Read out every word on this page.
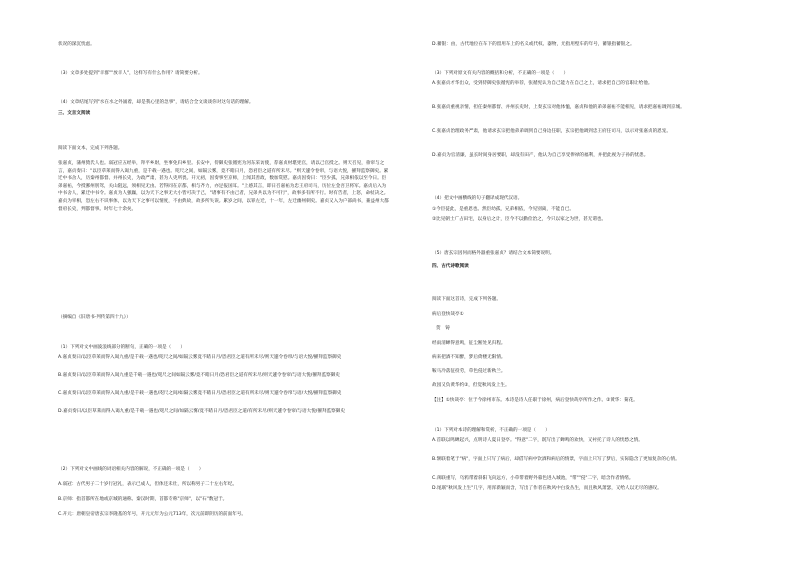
状况的深沉忧虑。

（3）文章多处提到"羊群""放羊人"，这样写有什么作用？请简要分析。

（4）文章结尾写到"水在水之外涌着，却是我心里的急事"，请结合全文谈谈你对这句话的理解。

三、文言文阅读

阅读下面文本，完成下列各题。

张嘉贞，蒲州猗氏人也。弱冠应五经举，拜平乡尉，坐事免归乡里。长安中，侍御史张循宪为河东采访使，荐嘉贞材堪宪官，请以己官授之。则天召见，垂帘与之言，嘉贞奏曰："以臣草莱而得入谒九重，是千载一遇也。咫尺之间，如隔云雾，竟不睹日月，恐君臣之道有所未尽。"则天遽令卷帘，与语大悦，擢拜监察御史。累迁中书舍人，历秦州都督、并州长史，为政严肃，甚为人吏所畏。开元初，因奏事至京师，上闻其善政，数加赏慰。嘉贞因奏曰："臣少孤，兄弟相依以至今日。臣弟嘉祐，今授鄯州别驾，关山阻远，须相见无由。若得同在京都，相与齐力，亦足报国耳。"上感其言，即日召嘉祐为忠王府司马，历位左金吾卫将军。嘉贞后入为中书舍人，累迁中书令。嘉贞为人强躁，以为天下之事无大小皆可决于己，"诸事有不由己者，兄弟共以为不可行"，故事多有所不行。时有告者，上怒，命杖决之。嘉贞为宰相，恐左右不识事体，以为天下之事可以情度，不由典故，故多所失误。累岁之间，以罪左迁，十一年，左迁幽州刺史。嘉贞又入为户部尚书，兼益州大都督府长史，判都督事。时年七十余矣。

（摘编自《旧唐书·列传第四十九》）

（1）下列对文中画波浪线部分的断句，正确的一项是（　　）

A.嘉贞奏曰/以臣草莱而得入谒九重/是千载一遇也/咫尺之间/如隔云雾竟不睹日月/恐君臣之道有所未尽/则天遽令卷帘/与语大悦/擢拜监察御史

B.嘉贞奏曰/以臣草莱而得入谒九重是千载一遇也/咫尺之间如隔云雾/竟不睹日月/恐君臣之道有所未尽/则天遽令卷帘/与语大悦/擢拜监察御史

C.嘉贞奏曰/以臣草莱而得入谒九重/是千载一遇也/咫尺之间/如隔云雾竟不睹日月/恐君臣之道有所未尽/则天遽令卷帘与语/大悦/擢拜监察御史

D.嘉贞奏曰/以臣草莱而得入谒九重/是千载一遇也/咫尺之间/如隔云雾/竟不睹日月/恐君臣之道/有所未尽/则天遽令卷帘/与语大悦/擢拜监察御史

（2）下列对文中画线的词语相关内容的解说，不正确的一项是（　　）

A.弱冠：古代男子二十岁行冠礼，表示已成人，但体还未壮，所以称男子二十左右年纪。

B.京师：指首都所在地或京城的通称。秦汉时期，首都专称"京师"，以"石"数冠于。

C.开元：唐朝皇帝唐玄宗李隆基的年号，开元元年为公元713年，次元前即阴历的前面年号。

D.蓄银：由，古代地位在车下的留用车上的名义或代权、器物，尤指用壁车的年号，蓄银指蓄银之。

（3）下列对原文有关内容的概括和分析，不正确的一项是（　　）

A.张嘉贞才华出众，受到侍御史张循宪的举荐，张循宪认为自己能力在自己之上，请求把自己的官职让给他。

B.张嘉贞重视亲情，担任秦州都督、并州长史时，上奏玄宗对他体恤，嘉贞和他的弟弟嘉祐不能相见，请求把嘉祐调到京城。

C.张嘉贞治理政务严肃，他请求玄宗把他弟弟调到自己身边任职，玄宗把他调到忠王府任司马，以示对张嘉贞的恩宠。

D.嘉贞为官清廉，虽长时间身居要职，却没有田产，他认为自己享受俸禄的福利，并把此视为子孙的忧患。

（4）把文中画横线的句子翻译成现代汉语。

①今臣徒此，是重恩也。然臣幼孤，兄弟相依，今见别离，不能自已。

②比见朝士广占田宅，以身后之计，臣今不以勤俭治之，今只以家之为世，甚无谓也。

（5）唐玄宗因何而格外器重张嘉贞？请结合文本简要说明。

四、古代诗歌阅读

阅读下面这首诗，完成下列各题。

病后登快哉亭①

贺　铸

经雨清蝉得意鸣，征尘断处见归程。

病来把酒不知醉，梦后倚楼无限情。

鞍马冷落征役劳，草色侵过新秋兰。

故园又负黄华约②，但觉秋风发上生。

【注】①快哉亭：位于今徐州市东。本诗是诗人任职于徐州，病后登快哉亭所作之作。②黄华：菊花。

（1）下列对本诗的理解和赏析，不正确的一项是（　　）

A.首联以鸣蝉起兴，点明诗人夏日登亭。"得意"二字，既写出了蝉鸣的欢快，又衬托了诗人的忧愁之情。

B.颔联着笔于"病"，字面上只写了病后，却借写病中饮酒和病后的情景，字面上只写了梦后，实际隐含了更加复杂的心情。

C.颈联重写，乌鸦带着斜阳飞向远方，小草带着野外暮色进入城池，"带""侵"二字，暗含作者情绪。

D.尾联"秋风发上生"几字，用浑新颖而含，写出了作者在秋风中白发丛生，而且秋风萧瑟，又给人以无尽的感叹。
